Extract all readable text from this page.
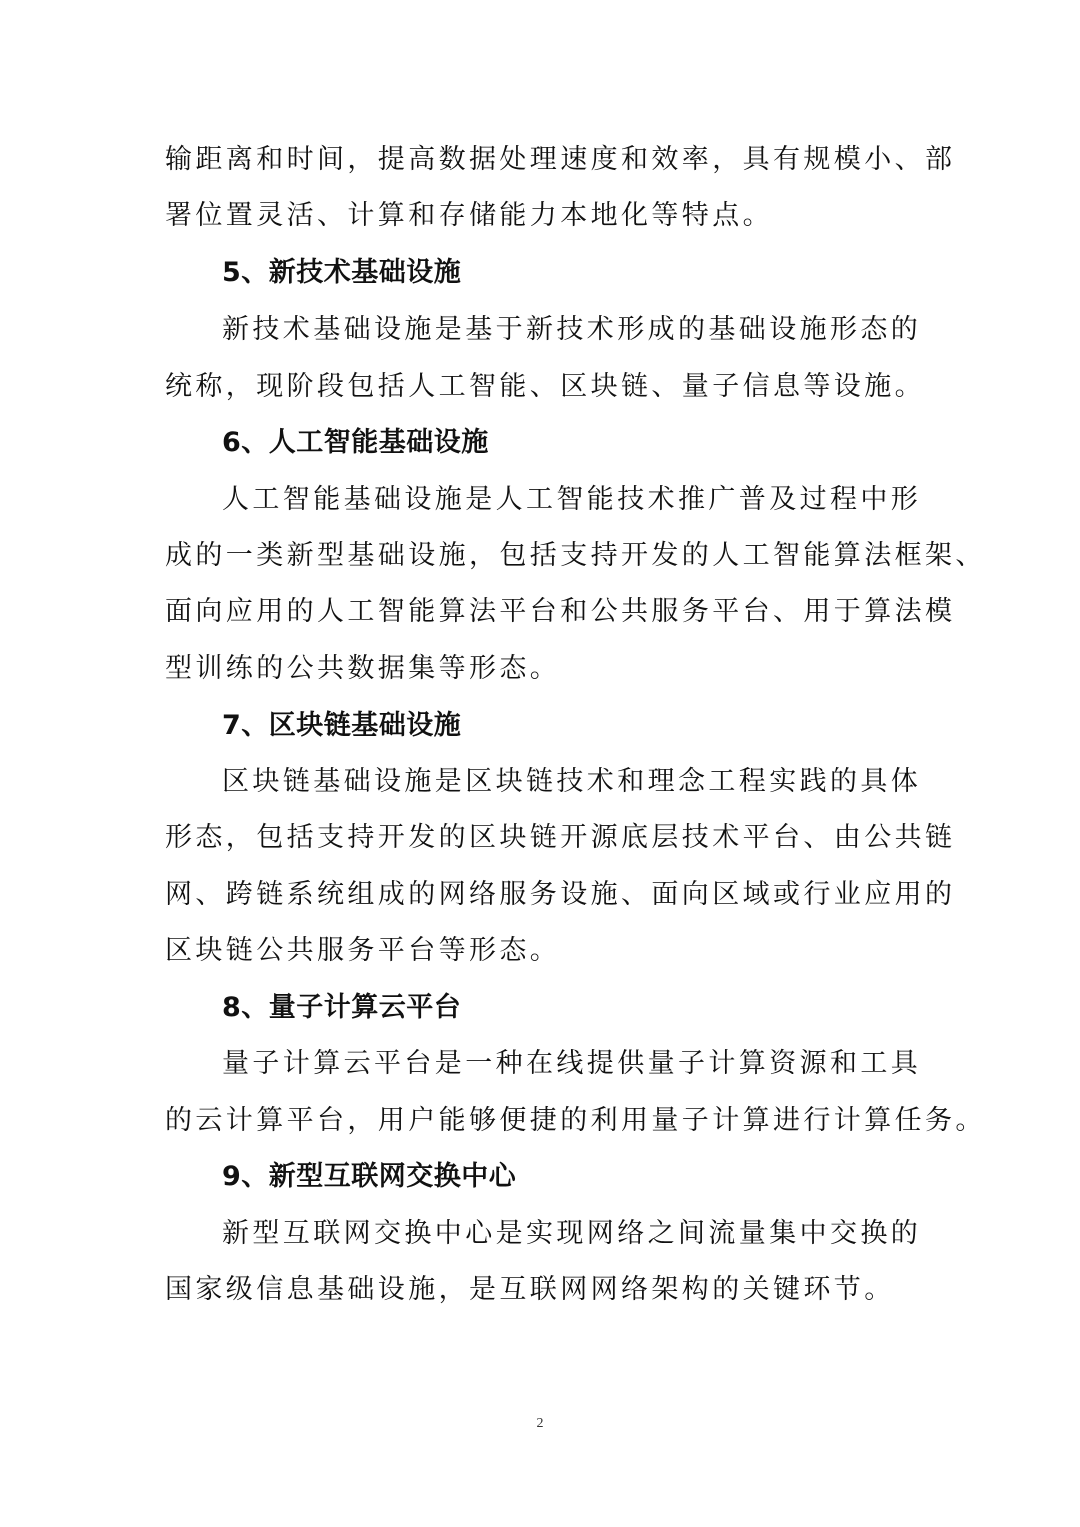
输距离和时间，提高数据处理速度和效率，具有规模小、部
署位置灵活、计算和存储能力本地化等特点。
5、新技术基础设施
新技术基础设施是基于新技术形成的基础设施形态的
统称，现阶段包括人工智能、区块链、量子信息等设施。
6、人工智能基础设施
人工智能基础设施是人工智能技术推广普及过程中形
成的一类新型基础设施，包括支持开发的人工智能算法框架、
面向应用的人工智能算法平台和公共服务平台、用于算法模
型训练的公共数据集等形态。
7、区块链基础设施
区块链基础设施是区块链技术和理念工程实践的具体
形态，包括支持开发的区块链开源底层技术平台、由公共链
网、跨链系统组成的网络服务设施、面向区域或行业应用的
区块链公共服务平台等形态。
8、量子计算云平台
量子计算云平台是一种在线提供量子计算资源和工具
的云计算平台，用户能够便捷的利用量子计算进行计算任务。
9、新型互联网交换中心
新型互联网交换中心是实现网络之间流量集中交换的
国家级信息基础设施，是互联网网络架构的关键环节。
2
